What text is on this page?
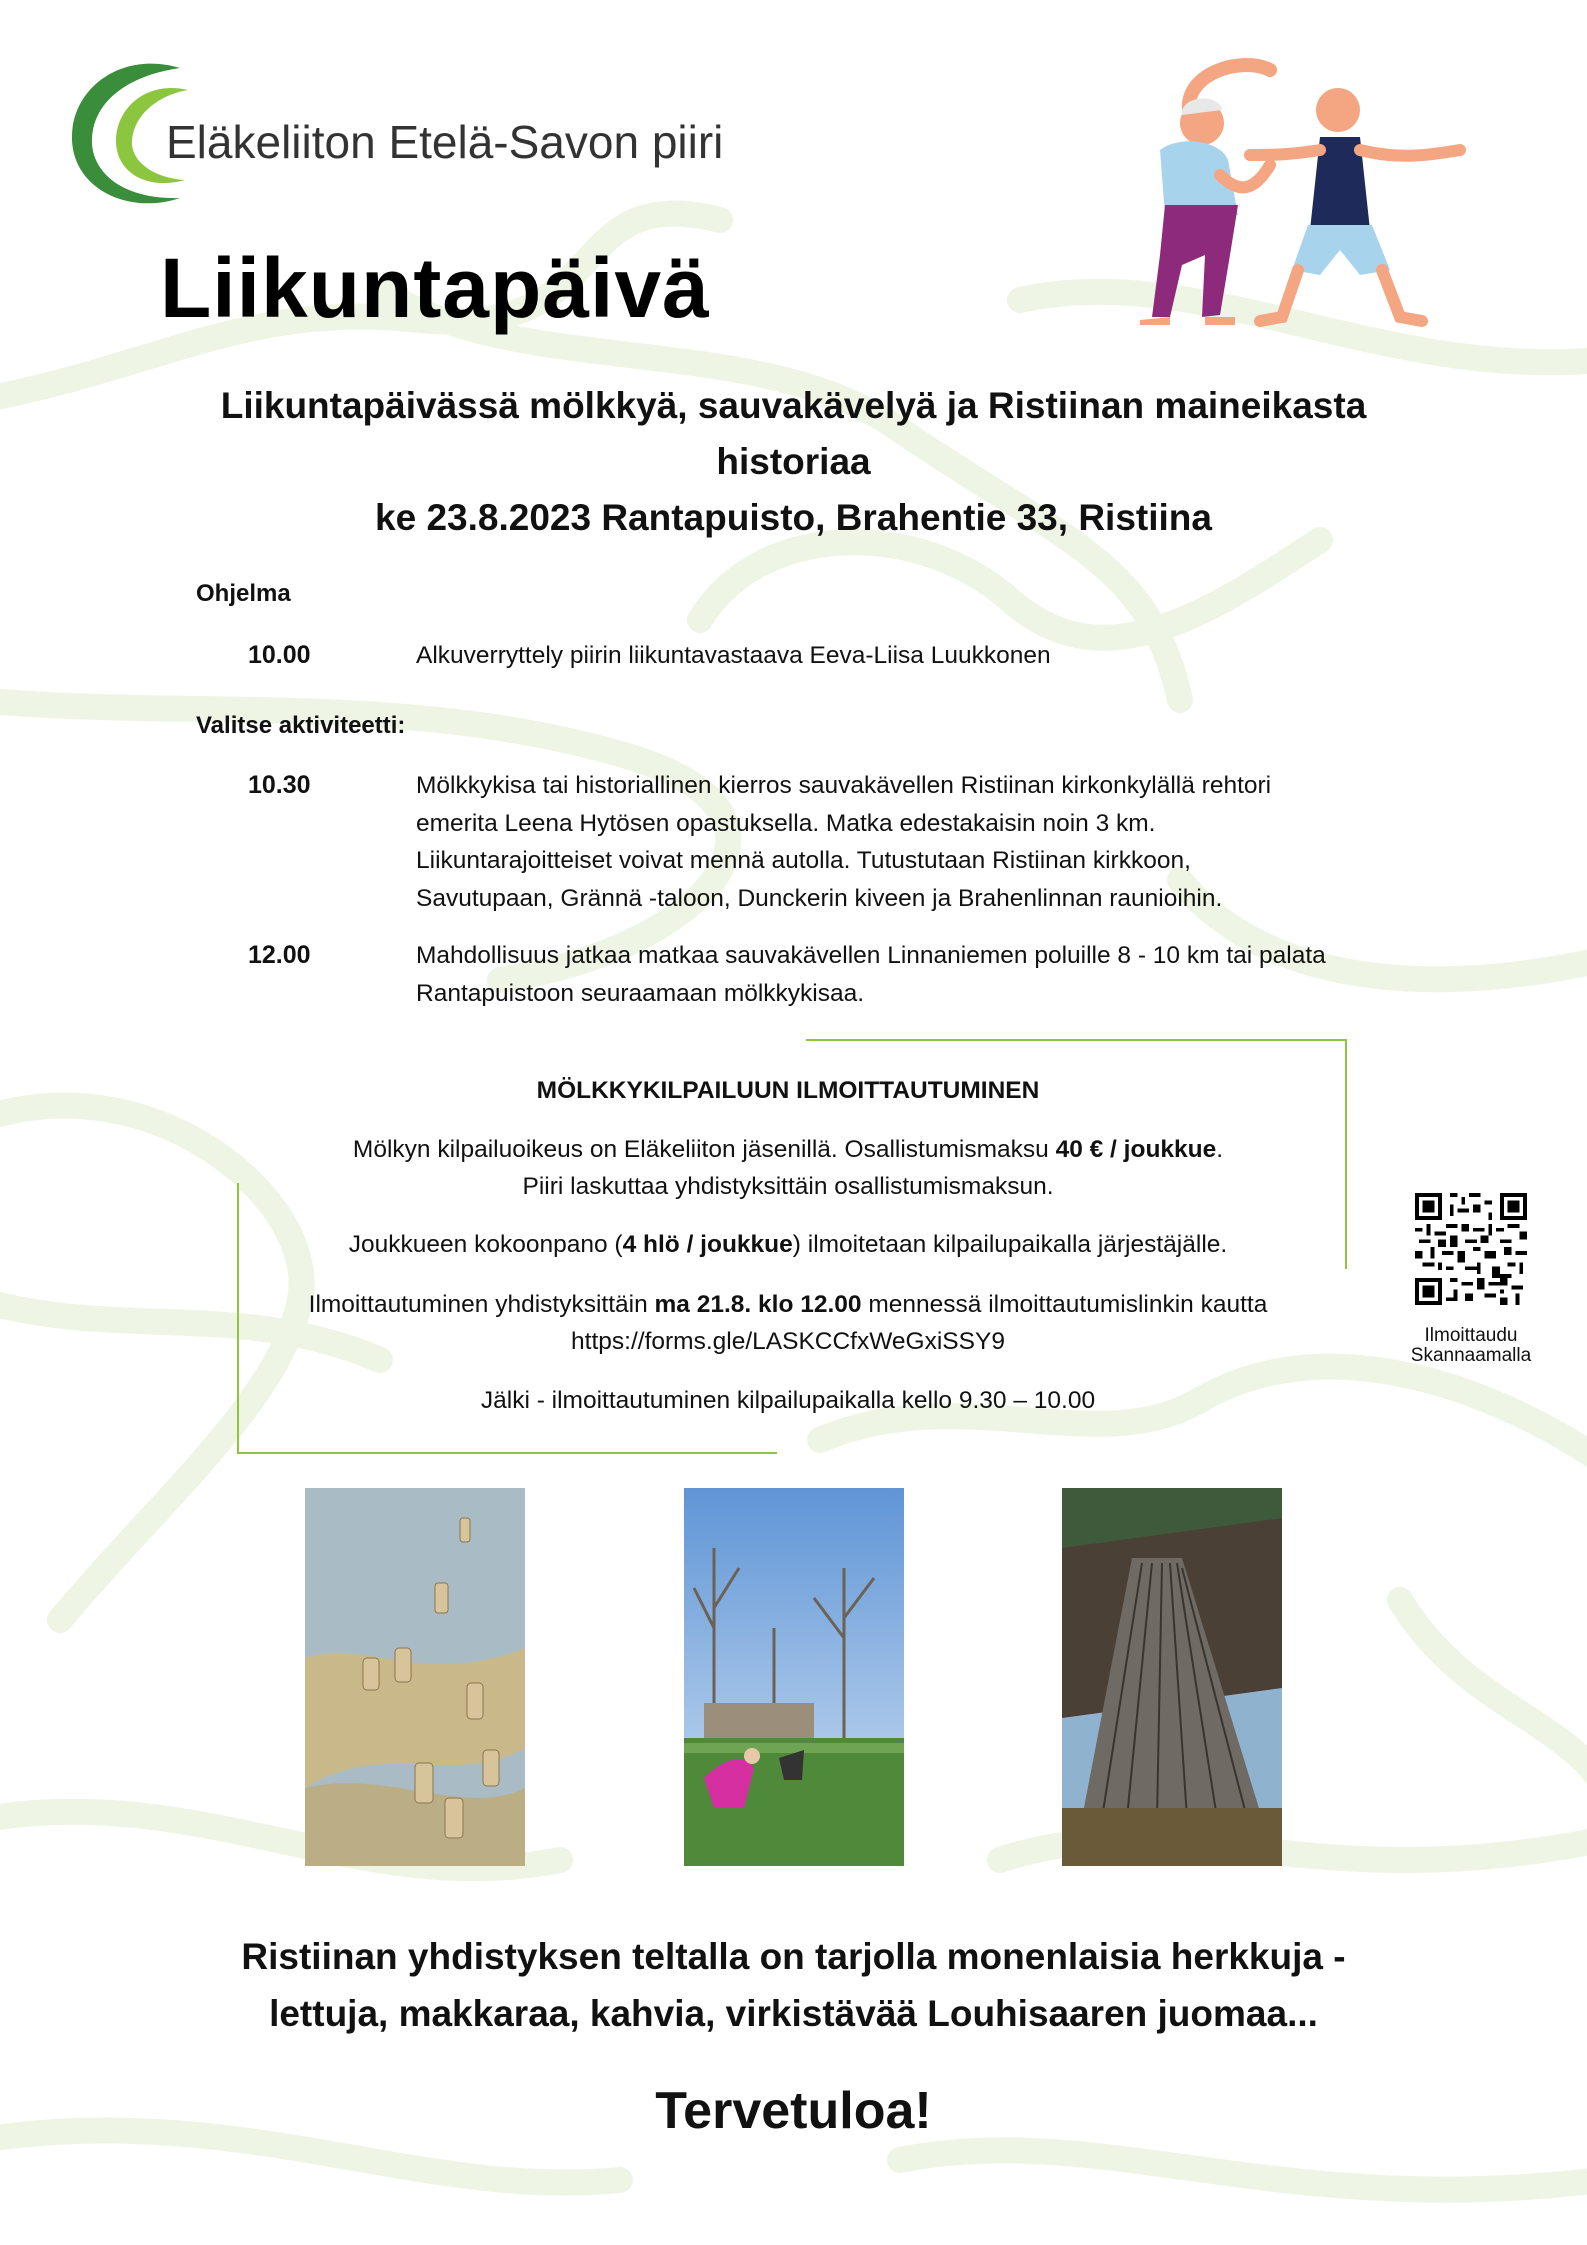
Eläkeliiton Etelä-Savon piiri
Liikuntapäivä
Liikuntapäivässä mölkkyä, sauvakävelyä ja Ristiinan maineikasta
historiaa
ke 23.8.2023 Rantapuisto, Brahentie 33, Ristiina
Ohjelma
10.00	Alkuverryttely piirin liikuntavastaava Eeva-Liisa Luukkonen
Valitse aktiviteetti:
10.30	Mölkkykisa tai historiallinen kierros sauvakävellen Ristiinan kirkonkylällä rehtori
emerita Leena Hytösen opastuksella. Matka edestakaisin noin 3 km.
Liikuntarajoitteiset voivat mennä autolla. Tutustutaan Ristiinan kirkkoon,
Savutupaan, Grännä -taloon, Dunckerin kiveen ja Brahenlinnan raunioihin.
12.00	Mahdollisuus jatkaa matkaa sauvakävellen Linnaniemen poluille 8 - 10 km tai palata
Rantapuistoon seuraamaan mölkkykisaa.
MÖLKKYKILPAILUUN ILMOITTAUTUMINEN
Mölkyn kilpailuoikeus on Eläkeliiton jäsenillä. Osallistumismaksu 40 € / joukkue.
Piiri laskuttaa yhdistyksittäin osallistumismaksun.
Joukkueen kokoonpano (4 hlö / joukkue) ilmoitetaan kilpailupaikalla järjestäjälle.
Ilmoittautuminen yhdistyksittäin ma 21.8. klo 12.00 mennessä ilmoittautumislinkin kautta
https://forms.gle/LASKCCfxWeGxiSSY9
Jälki - ilmoittautuminen kilpailupaikalla kello 9.30 – 10.00
Ilmoittaudu
Skannaamalla
Ristiinan yhdistyksen teltalla on tarjolla monenlaisia herkkuja -
lettuja, makkaraa, kahvia, virkistävää Louhisaaren juomaa...
Tervetuloa!
